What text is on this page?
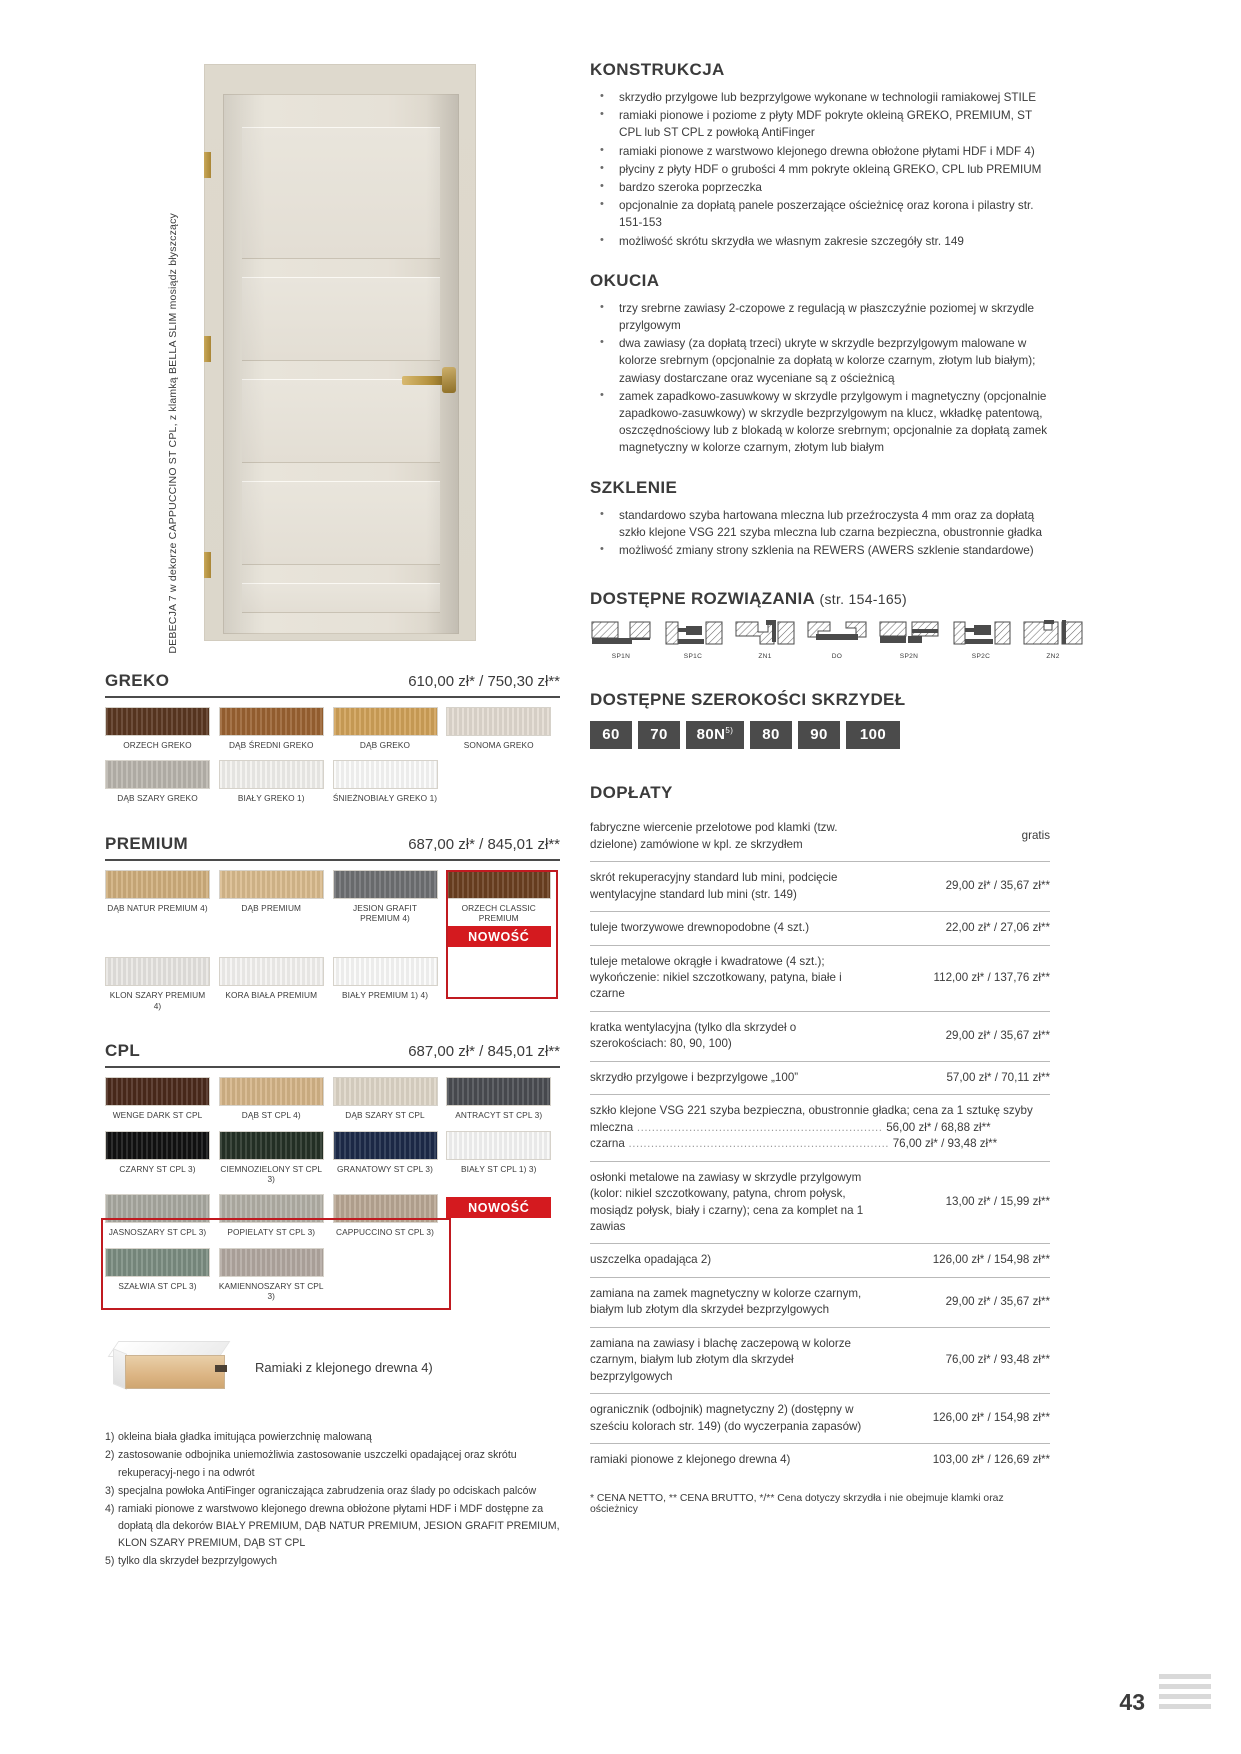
DEBECJA 7 w dekorze CAPPUCCINO ST CPL, z klamką BELLA SLIM mosiądz błyszczący
GREKO	610,00 zł* / 750,30 zł**
ORZECH GREKO	DĄB ŚREDNI GREKO	DĄB GREKO	SONOMA GREKO
DĄB SZARY GREKO	BIAŁY GREKO 1)	ŚNIEŻNOBIAŁY GREKO 1)
PREMIUM	687,00 zł* / 845,01 zł**
DĄB NATUR PREMIUM 4)	DĄB PREMIUM	JESION GRAFIT PREMIUM 4)
ORZECH CLASSIC PREMIUM
NOWOŚĆ
KLON SZARY PREMIUM 4)
KORA BIAŁA PREMIUM	BIAŁY PREMIUM 1) 4)
CPL	687,00 zł* / 845,01 zł**
WENGE DARK ST CPL	DĄB ST CPL 4)	DĄB SZARY ST CPL	ANTRACYT ST CPL 3)
CZARNY ST CPL 3)	CIEMNOZIELONY ST CPL 3)
GRANATOWY ST CPL 3)	BIAŁY ST CPL 1) 3)
JASNOSZARY ST CPL 3)	POPIELATY ST CPL 3)	CAPPUCCINO ST CPL 3)
NOWOŚĆ
SZAŁWIA ST CPL 3)	KAMIENNOSZARY ST CPL 3)
Ramiaki z klejonego drewna 4)
1) okleina biała gładka imitująca powierzchnię malowaną
2) zastosowanie odbojnika uniemożliwia zastosowanie uszczelki opadającej oraz skrótu rekuperacyj-nego i na odwrót
3) specjalna powłoka AntiFinger ograniczająca zabrudzenia oraz ślady po odciskach palców
4) ramiaki pionowe z warstwowo klejonego drewna obłożone płytami HDF i MDF dostępne za dopłatą dla dekorów BIAŁY PREMIUM, DĄB NATUR PREMIUM, JESION GRAFIT PREMIUM, KLON SZARY PREMIUM, DĄB ST CPL
5) tylko dla skrzydeł bezprzylgowych
KONSTRUKCJA
• skrzydło przylgowe lub bezprzylgowe wykonane w technologii ramiakowej STILE
• ramiaki pionowe i poziome z płyty MDF pokryte okleiną GREKO, PREMIUM, ST CPL lub ST CPL z powłoką AntiFinger
• ramiaki pionowe z warstwowo klejonego drewna obłożone płytami HDF i MDF 4)
• płyciny z płyty HDF o grubości 4 mm pokryte okleiną GREKO, CPL lub PREMIUM
• bardzo szeroka poprzeczka
• opcjonalnie za dopłatą panele poszerzające ościeżnicę oraz korona i pilastry str. 151-153
• możliwość skrótu skrzydła we własnym zakresie szczegóły str. 149
OKUCIA
• trzy srebrne zawiasy 2-czopowe z regulacją w płaszczyźnie poziomej w skrzydle przylgowym
• dwa zawiasy (za dopłatą trzeci) ukryte w skrzydle bezprzylgowym malowane w kolorze srebrnym (opcjonalnie za dopłatą w kolorze czarnym, złotym lub białym); zawiasy dostarczane oraz wyceniane są z ościeżnicą
• zamek zapadkowo-zasuwkowy w skrzydle przylgowym i magnetyczny (opcjonalnie zapadkowo-zasuwkowy) w skrzydle bezprzylgowym na klucz, wkładkę patentową, oszczędnościowy lub z blokadą w kolorze srebrnym; opcjonalnie za dopłatą zamek magnetyczny w kolorze czarnym, złotym lub białym
SZKLENIE
• standardowo szyba hartowana mleczna lub przeźroczysta 4 mm oraz za dopłatą szkło klejone VSG 221 szyba mleczna lub czarna bezpieczna, obustronnie gładka
• możliwość zmiany strony szklenia na REWERS (AWERS szklenie standardowe)
DOSTĘPNE ROZWIĄZANIA (str. 154-165)
SP1N	SP1C	ZN1	DO	SP2N	SP2C	ZN2
DOSTĘPNE SZEROKOŚCI SKRZYDEŁ
60	70	$80N^{5)}$	80	90	100
DOPŁATY
fabryczne wiercenie przelotowe pod klamki (tzw. dzielone) zamówione w kpl. ze skrzydłem	gratis
skrót rekuperacyjny standard lub mini, podcięcie wentylacyjne standard lub mini (str. 149)	29,00 zł* / 35,67 zł**
tuleje tworzywowe drewnopodobne (4 szt.)	22,00 zł* / 27,06 zł**
tuleje metalowe okrągłe i kwadratowe (4 szt.); wykończenie: nikiel szczotkowany, patyna, białe i czarne	112,00 zł* / 137,76 zł**
kratka wentylacyjna (tylko dla skrzydeł o szerokościach: 80, 90, 100)	29,00 zł* / 35,67 zł**
skrzydło przylgowe i bezprzylgowe „100”	57,00 zł* / 70,11 zł**
szkło klejone VSG 221 szyba bezpieczna, obustronnie gładka; cena za 1 sztukę szyby
mleczna .................................................................. 56,00 zł* / 68,88 zł**
czarna ...................................................................... 76,00 zł* / 93,48 zł**	

osłonki metalowe na zawiasy w skrzydle przylgowym (kolor: nikiel szczotkowany, patyna, chrom połysk, mosiądz połysk, biały i czarny); cena za komplet na 1 zawias	13,00 zł* / 15,99 zł**
uszczelka opadająca 2)	126,00 zł* / 154,98 zł**
zamiana na zamek magnetyczny w kolorze czarnym, białym lub złotym dla skrzydeł bezprzylgowych	29,00 zł* / 35,67 zł**
zamiana na zawiasy i blachę zaczepową w kolorze czarnym, białym lub złotym dla skrzydeł bezprzylgowych	76,00 zł* / 93,48 zł**
ogranicznik (odbojnik) magnetyczny 2) (dostępny w sześciu kolorach str. 149) (do wyczerpania zapasów)	126,00 zł* / 154,98 zł**
ramiaki pionowe z klejonego drewna 4)	103,00 zł* / 126,69 zł**
* CENA NETTO, ** CENA BRUTTO, */** Cena dotyczy skrzydła i nie obejmuje klamki oraz ościeżnicy
43
